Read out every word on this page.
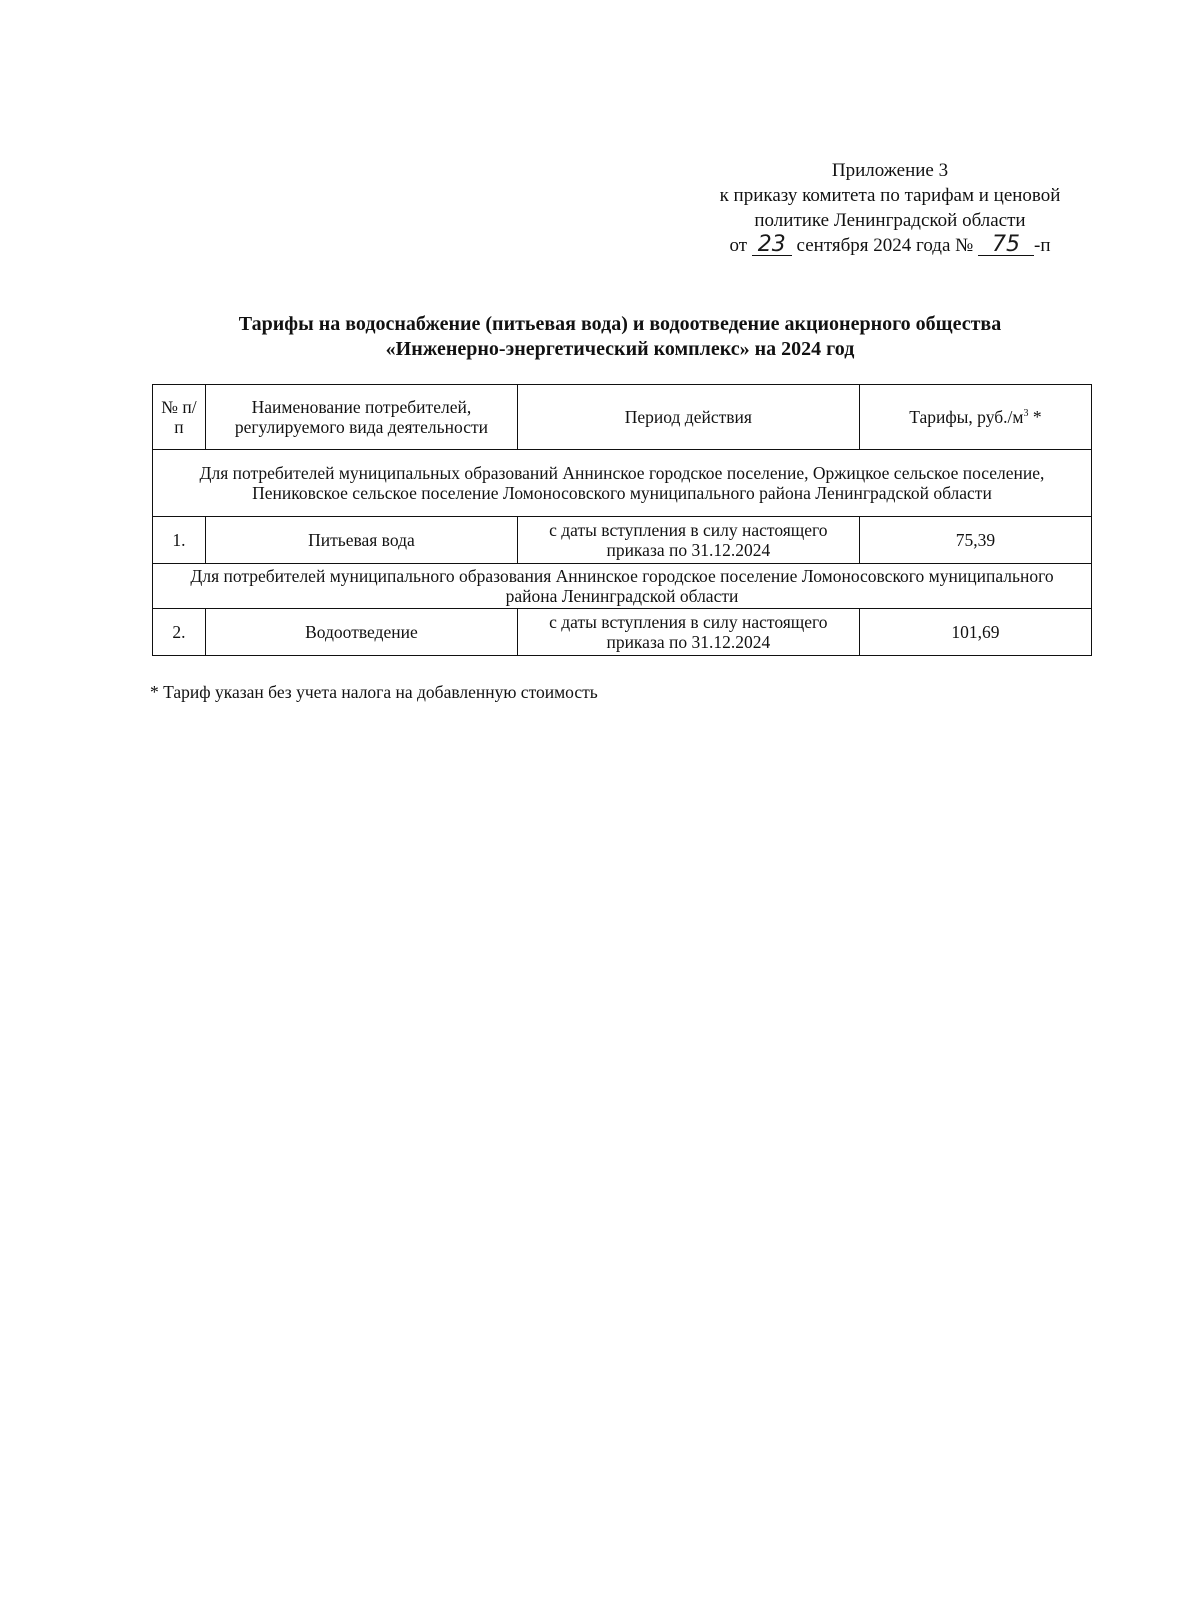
Приложение 3
к приказу комитета по тарифам и ценовой
политике Ленинградской области
от 23 сентября 2024 года № 75 -п
Тарифы на водоснабжение (питьевая вода) и водоотведение акционерного общества
«Инженерно-энергетический комплекс» на 2024 год
№ п/п	Наименование потребителей, регулируемого вида деятельности	Период действия	Тарифы, $руб./м^3$ *
Для потребителей муниципальных образований Аннинское городское поселение, Оржицкое сельское поселение, Пениковское сельское поселение Ломоносовского муниципального района Ленинградской области			
1.	Питьевая вода	с даты вступления в силу настоящего приказа по 31.12.2024	75,39
Для потребителей муниципального образования Аннинское городское поселение Ломоносовского муниципального района Ленинградской области			
2.	Водоотведение	с даты вступления в силу настоящего приказа по 31.12.2024	101,69
* Тариф указан без учета налога на добавленную стоимость
